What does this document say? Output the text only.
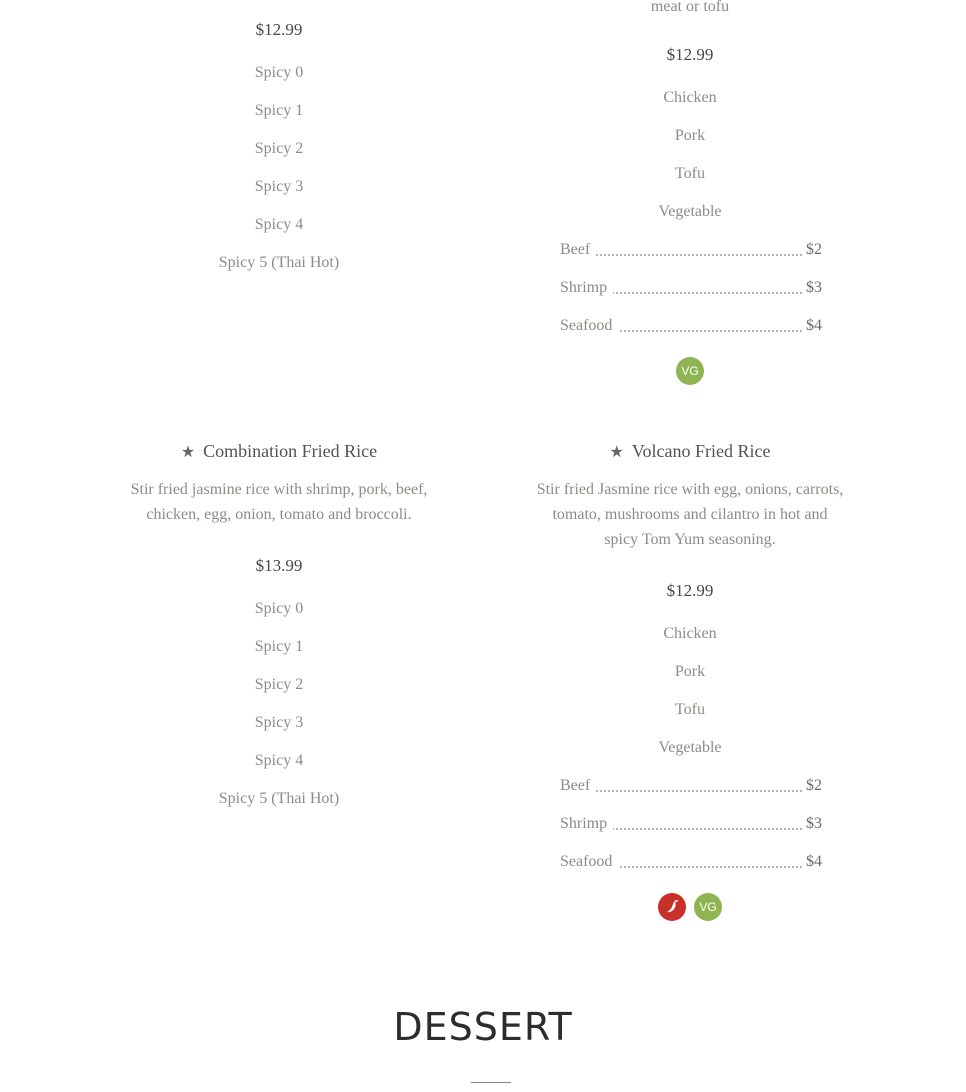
$12.99
Spicy 0
Spicy 1
Spicy 2
Spicy 3
Spicy 4
Spicy 5 (Thai Hot)
meat or tofu
$12.99
Chicken
Pork
Tofu
Vegetable
Beef	$2
Shrimp	$3
Seafood	$4
VG
★ Combination Fried Rice
Stir fried jasmine rice with shrimp, pork, beef,
chicken, egg, onion, tomato and broccoli.
$13.99
Spicy 0
Spicy 1
Spicy 2
Spicy 3
Spicy 4
Spicy 5 (Thai Hot)
★ Volcano Fried Rice
Stir fried Jasmine rice with egg, onions, carrots,
tomato, mushrooms and cilantro in hot and
spicy Tom Yum seasoning.
$12.99
Chicken
Pork
Tofu
Vegetable
Beef	$2
Shrimp	$3
Seafood	$4
VG
DESSERT
